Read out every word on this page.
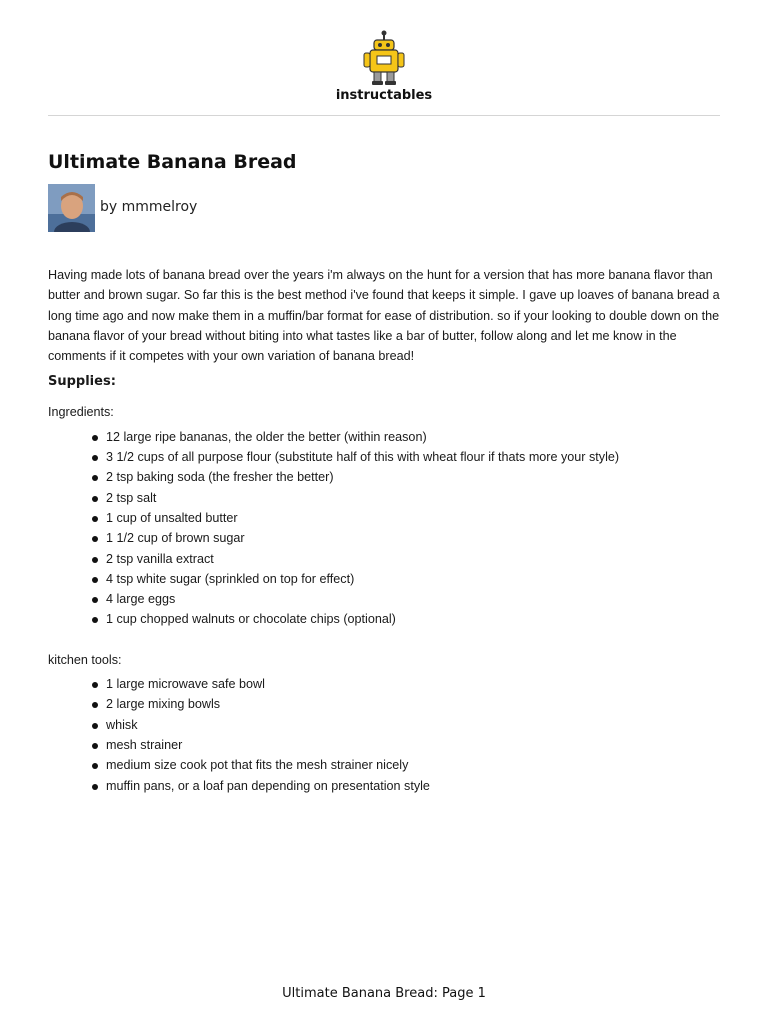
instructables
Ultimate Banana Bread
by mmmelroy

Having made lots of banana bread over the years i'm always on the hunt for a version that has more banana flavor than butter and brown sugar. So far this is the best method i've found that keeps it simple. I gave up loaves of banana bread a long time ago and now make them in a muffin/bar format for ease of distribution. so if your looking to double down on the banana flavor of your bread without biting into what tastes like a bar of butter, follow along and let me know in the comments if it competes with your own variation of banana bread!

Supplies:
Ingredients:
12 large ripe bananas, the older the better (within reason)
3 1/2 cups of all purpose flour (substitute half of this with wheat flour if thats more your style)
2 tsp baking soda (the fresher the better)
2 tsp salt
1 cup of unsalted butter
1 1/2 cup of brown sugar
2 tsp vanilla extract
4 tsp white sugar (sprinkled on top for effect)
4 large eggs
1 cup chopped walnuts or chocolate chips (optional)
kitchen tools:
1 large microwave safe bowl
2 large mixing bowls
whisk
mesh strainer
medium size cook pot that fits the mesh strainer nicely
muffin pans, or a loaf pan depending on presentation style
Ultimate Banana Bread: Page 1
